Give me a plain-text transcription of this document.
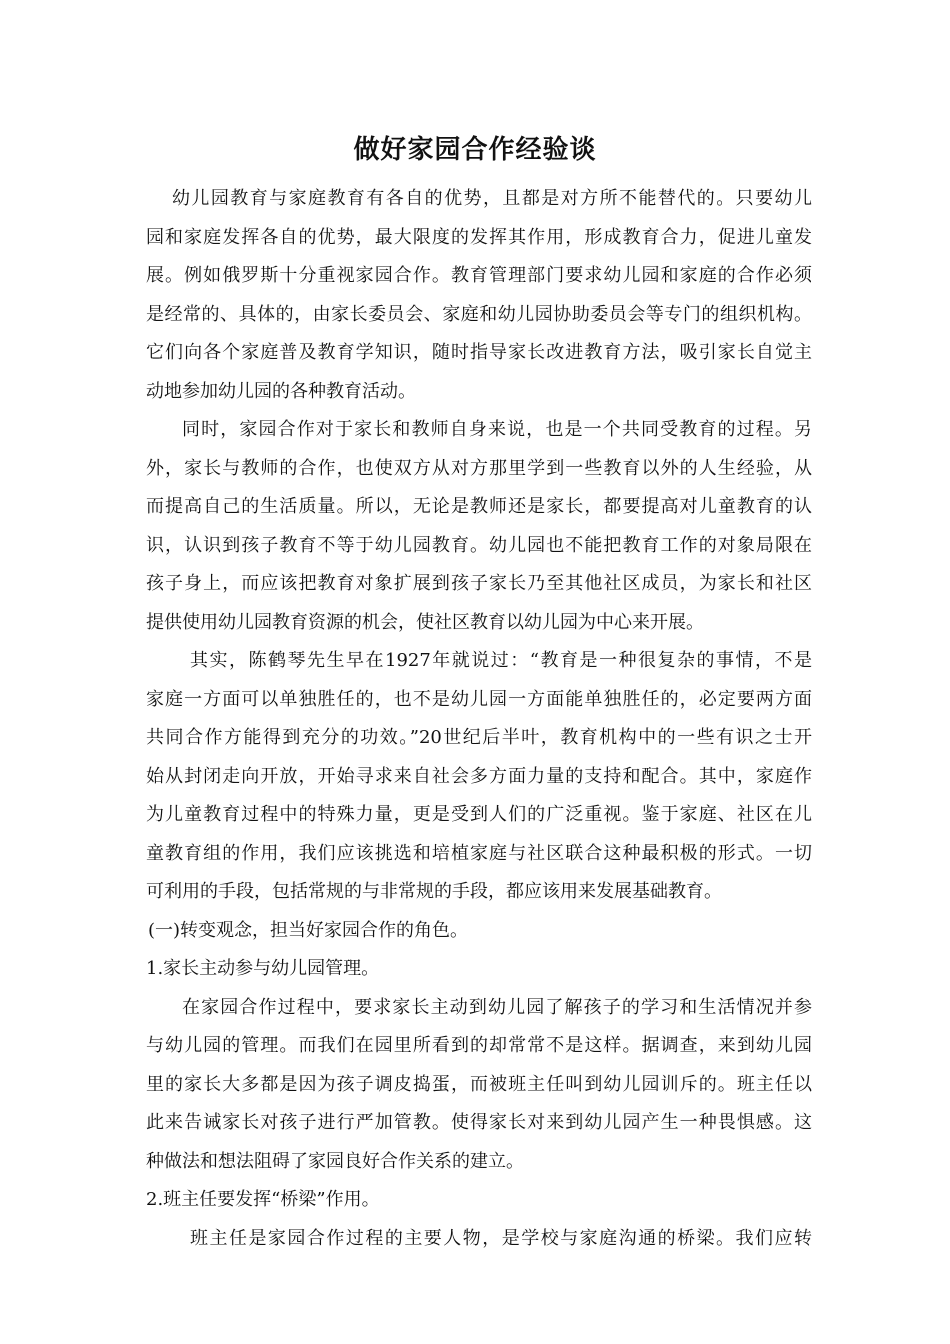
做好家园合作经验谈
幼儿园教育与家庭教育有各自的优势，且都是对方所不能替代的。只要幼儿
园和家庭发挥各自的优势，最大限度的发挥其作用，形成教育合力，促进儿童发
展。例如俄罗斯十分重视家园合作。教育管理部门要求幼儿园和家庭的合作必须
是经常的、具体的，由家长委员会、家庭和幼儿园协助委员会等专门的组织机构。
它们向各个家庭普及教育学知识，随时指导家长改进教育方法，吸引家长自觉主
动地参加幼儿园的各种教育活动。
同时，家园合作对于家长和教师自身来说，也是一个共同受教育的过程。另
外，家长与教师的合作，也使双方从对方那里学到一些教育以外的人生经验，从
而提高自己的生活质量。所以，无论是教师还是家长，都要提高对儿童教育的认
识，认识到孩子教育不等于幼儿园教育。幼儿园也不能把教育工作的对象局限在
孩子身上，而应该把教育对象扩展到孩子家长乃至其他社区成员，为家长和社区
提供使用幼儿园教育资源的机会，使社区教育以幼儿园为中心来开展。
其实，陈鹤琴先生早在1927年就说过：“教育是一种很复杂的事情，不是
家庭一方面可以单独胜任的，也不是幼儿园一方面能单独胜任的，必定要两方面
共同合作方能得到充分的功效。”20世纪后半叶，教育机构中的一些有识之士开
始从封闭走向开放，开始寻求来自社会多方面力量的支持和配合。其中，家庭作
为儿童教育过程中的特殊力量，更是受到人们的广泛重视。鉴于家庭、社区在儿
童教育组的作用，我们应该挑选和培植家庭与社区联合这种最积极的形式。一切
可利用的手段，包括常规的与非常规的手段，都应该用来发展基础教育。
(一)转变观念，担当好家园合作的角色。
1.家长主动参与幼儿园管理。
在家园合作过程中，要求家长主动到幼儿园了解孩子的学习和生活情况并参
与幼儿园的管理。而我们在园里所看到的却常常不是这样。据调查，来到幼儿园
里的家长大多都是因为孩子调皮捣蛋，而被班主任叫到幼儿园训斥的。班主任以
此来告诫家长对孩子进行严加管教。使得家长对来到幼儿园产生一种畏惧感。这
种做法和想法阻碍了家园良好合作关系的建立。
2.班主任要发挥“桥梁”作用。
班主任是家园合作过程的主要人物，是学校与家庭沟通的桥梁。我们应转
